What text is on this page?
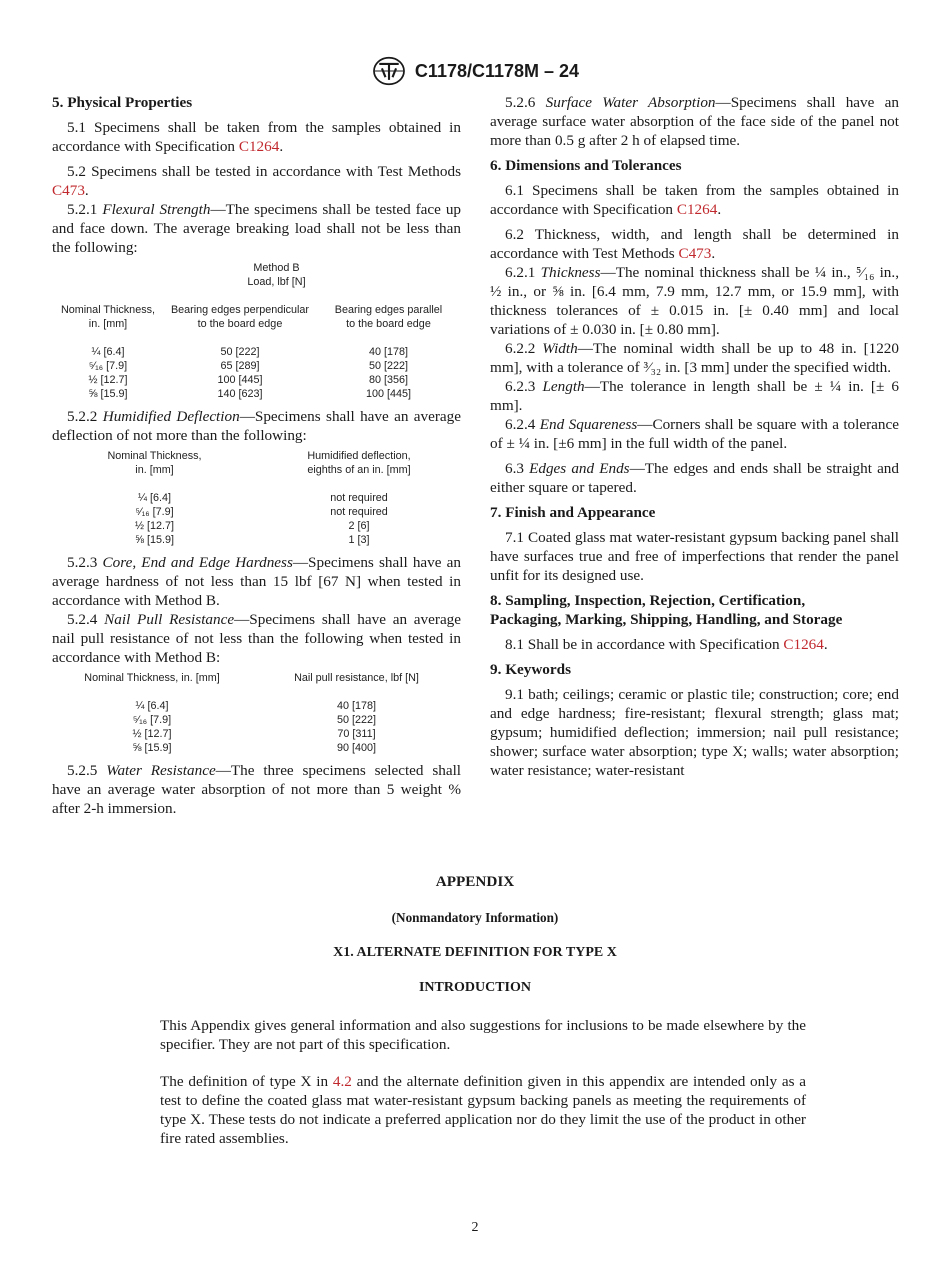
C1178/C1178M – 24
5. Physical Properties

5.1 Specimens shall be taken from the samples obtained in accordance with Specification C1264.

5.2 Specimens shall be tested in accordance with Test Methods C473.

5.2.1 Flexural Strength—The specimens shall be tested face up and face down. The average breaking load shall not be less than the following:

Method B
Load, lbf [N]
Nominal Thickness,
in. [mm]
Bearing edges perpendicular
to the board edge
Bearing edges parallel
to the board edge
¼ [6.4]	50 [222]	40 [178]
⁵⁄₁₆ [7.9]	65 [289]	50 [222]
½ [12.7]	100 [445]	80 [356]
⅝ [15.9]	140 [623]	100 [445]

5.2.2 Humidified Deflection—Specimens shall have an average deflection of not more than the following:

Nominal Thickness,
in. [mm]
Humidified deflection,
eighths of an in. [mm]
¼ [6.4]	not required
⁵⁄₁₆ [7.9]	not required
½ [12.7]	2 [6]
⅝ [15.9]	1 [3]

5.2.3 Core, End and Edge Hardness—Specimens shall have an average hardness of not less than 15 lbf [67 N] when tested in accordance with Method B.

5.2.4 Nail Pull Resistance—Specimens shall have an average nail pull resistance of not less than the following when tested in accordance with Method B:

Nominal Thickness, in. [mm]	Nail pull resistance, lbf [N]
¼ [6.4]	40 [178]
⁵⁄₁₆ [7.9]	50 [222]
½ [12.7]	70 [311]
⅝ [15.9]	90 [400]

5.2.5 Water Resistance—The three specimens selected shall have an average water absorption of not more than 5 weight % after 2-h immersion.

5.2.6 Surface Water Absorption—Specimens shall have an average surface water absorption of the face side of the panel not more than 0.5 g after 2 h of elapsed time.

6. Dimensions and Tolerances

6.1 Specimens shall be taken from the samples obtained in accordance with Specification C1264.

6.2 Thickness, width, and length shall be determined in accordance with Test Methods C473.

6.2.1 Thickness—The nominal thickness shall be ¼ in., ⁵⁄₁₆ in., ½ in., or ⅝ in. [6.4 mm, 7.9 mm, 12.7 mm, or 15.9 mm], with thickness tolerances of ± 0.015 in. [± 0.40 mm] and local variations of ± 0.030 in. [± 0.80 mm].

6.2.2 Width—The nominal width shall be up to 48 in. [1220 mm], with a tolerance of ³⁄₃₂ in. [3 mm] under the specified width.

6.2.3 Length—The tolerance in length shall be ± ¼ in. [± 6 mm].

6.2.4 End Squareness—Corners shall be square with a tolerance of ± ¼ in. [±6 mm] in the full width of the panel.

6.3 Edges and Ends—The edges and ends shall be straight and either square or tapered.

7. Finish and Appearance

7.1 Coated glass mat water-resistant gypsum backing panel shall have surfaces true and free of imperfections that render the panel unfit for its designed use.

8. Sampling, Inspection, Rejection, Certification,
Packaging, Marking, Shipping, Handling, and Storage

8.1 Shall be in accordance with Specification C1264.

9. Keywords

9.1 bath; ceilings; ceramic or plastic tile; construction; core; end and edge hardness; fire-resistant; flexural strength; glass mat; gypsum; humidified deflection; immersion; nail pull resistance; shower; surface water absorption; type X; walls; water absorption; water resistance; water-resistant

APPENDIX
(Nonmandatory Information)
X1. ALTERNATE DEFINITION FOR TYPE X
INTRODUCTION

This Appendix gives general information and also suggestions for inclusions to be made elsewhere by the specifier. They are not part of this specification.

The definition of type X in 4.2 and the alternate definition given in this appendix are intended only as a test to define the coated glass mat water-resistant gypsum backing panels as meeting the requirements of type X. These tests do not indicate a preferred application nor do they limit the use of the product in other fire rated assemblies.

2
